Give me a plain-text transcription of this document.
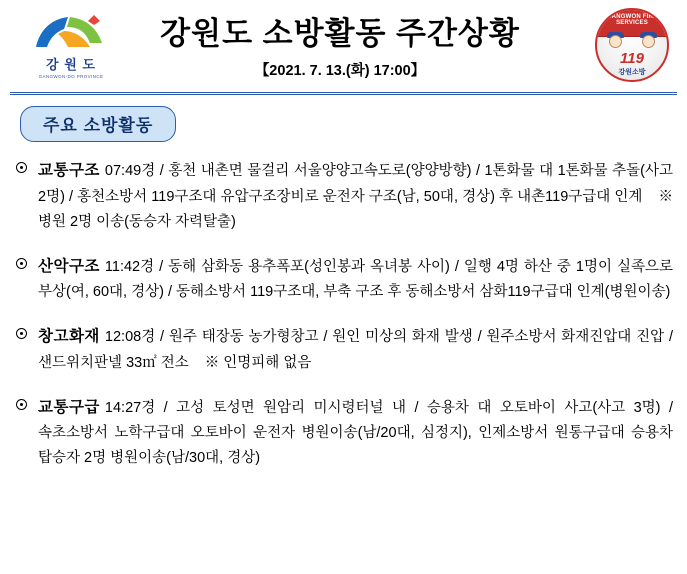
강 원 도
GANGWON-DO PROVINCE
강원도 소방활동 주간상황
【2021. 7. 13.(화) 17:00】
GANGWON FIRE SERVICES
119
강원소방
주요 소방활동
교통구조 07:49경 / 홍천 내촌면 물걸리 서울양양고속도로(양양방향) / 1톤화물 대 1톤화물 추돌(사고 2명) / 홍천소방서 119구조대 유압구조장비로 운전자 구조(남, 50대, 경상) 후 내촌119구급대 인계 ※ 병원 2명 이송(동승자 자력탈출)
산악구조 11:42경 / 동해 삼화동 용추폭포(성인봉과 옥녀봉 사이) / 일행 4명 하산 중 1명이 실족으로 부상(여, 60대, 경상) / 동해소방서 119구조대, 부축 구조 후 동해소방서 삼화119구급대 인계(병원이송)
창고화재 12:08경 / 원주 태장동 농가형창고 / 원인 미상의 화재 발생 / 원주소방서 화재진압대 진압 / 샌드위치판넬 33㎡ 전소 ※ 인명피해 없음
교통구급 14:27경 / 고성 토성면 원암리 미시령터널 내 / 승용차 대 오토바이 사고(사고 3명) / 속초소방서 노학구급대 오토바이 운전자 병원이송(남/20대, 심정지), 인제소방서 원통구급대 승용차 탑승자 2명 병원이송(남/30대, 경상)
